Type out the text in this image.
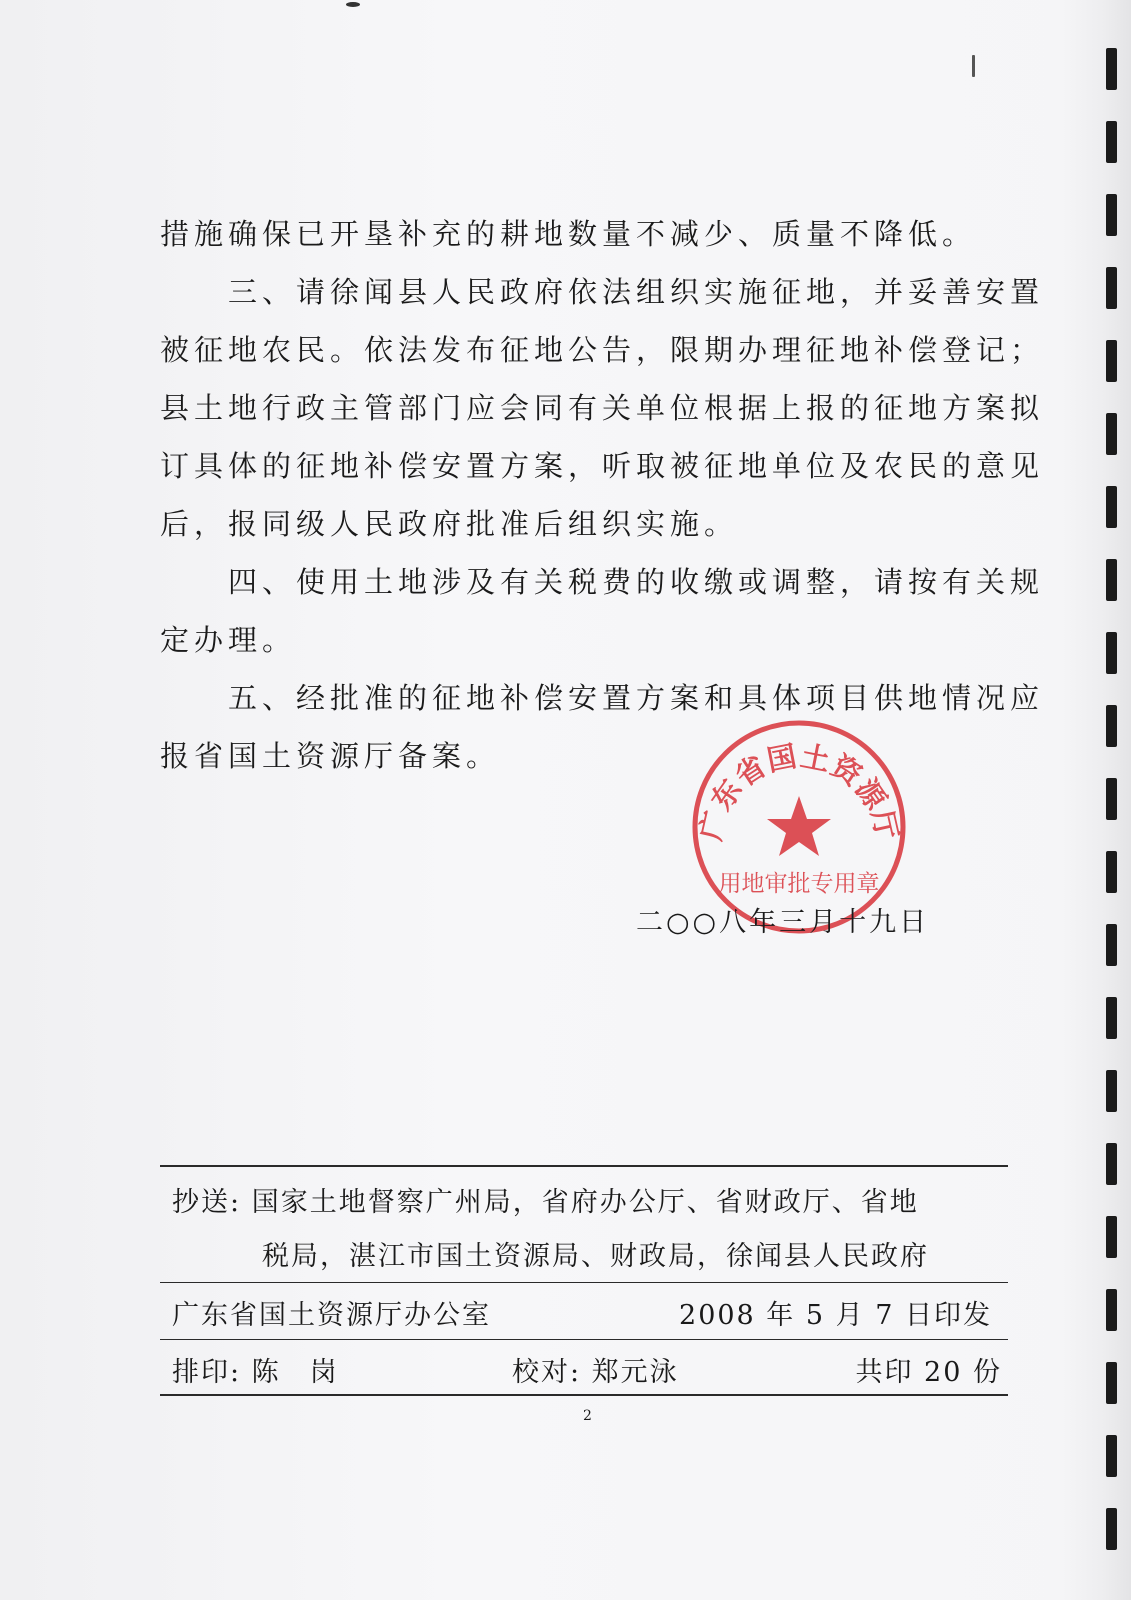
措施确保已开垦补充的耕地数量不减少、质量不降低。

　　三、请徐闻县人民政府依法组织实施征地，并妥善安置

被征地农民。依法发布征地公告，限期办理征地补偿登记；

县土地行政主管部门应会同有关单位根据上报的征地方案拟

订具体的征地补偿安置方案，听取被征地单位及农民的意见

后，报同级人民政府批准后组织实施。

　　四、使用土地涉及有关税费的收缴或调整，请按有关规

定办理。

　　五、经批准的征地补偿安置方案和具体项目供地情况应

报省国土资源厅备案。

广东省国土资源厅
用地审批专用章
二○○八年三月十九日
抄送: 国家土地督察广州局，省府办公厅、省财政厅、省地
税局，湛江市国土资源局、财政局，徐闻县人民政府
广东省国土资源厅办公室	2008 年 5 月 7 日印发
排印: 陈　岗	校对: 郑元泳	共印 20 份
2
